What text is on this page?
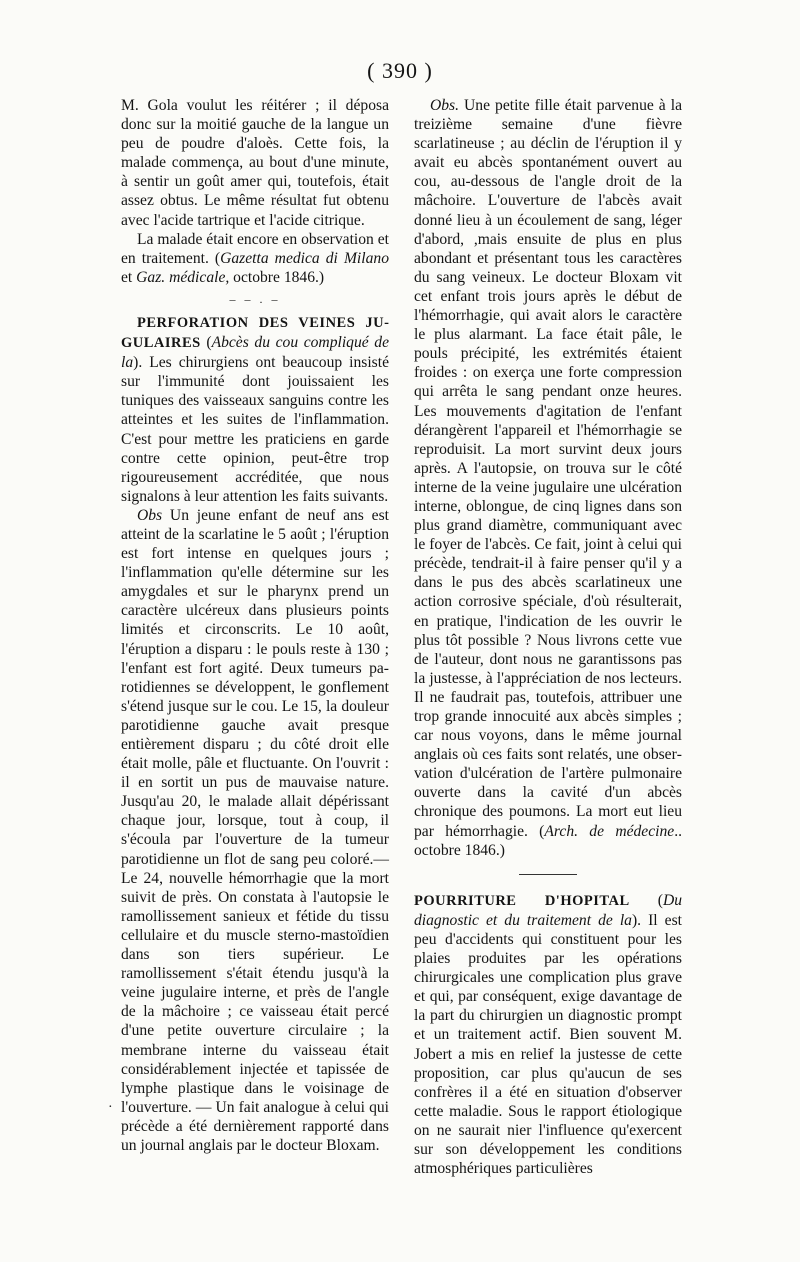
( 390 )

M. Gola voulut les réitérer ; il déposa donc sur la moitié gauche de la langue un peu de poudre d'aloès. Cette fois, la malade commença, au bout d'une minute, à sentir un goût amer qui, toutefois, était assez obtus. Le même résultat fut obtenu avec l'acide tartrique et l'acide citrique.

La malade était encore en observation et en traitement. (Gazetta medica di Milano et Gaz. médicale, octobre 1846.)

– – . –

PERFORATION DES VEINES JUGULAIRES (Abcès du cou compliqué de la). Les chirurgiens ont beaucoup insisté sur l'immunité dont jouissaient les tuniques des vaisseaux sanguins contre les atteintes et les suites de l'inflammation. C'est pour mettre les praticiens en garde contre cette opinion, peut-être trop rigoureusement accréditée, que nous signalons à leur attention les faits suivants.

Obs Un jeune enfant de neuf ans est atteint de la scarlatine le 5 août ; l'éruption est fort intense en quelques jours ; l'inflammation qu'elle détermine sur les amygdales et sur le pharynx prend un caractère ulcéreux dans plusieurs points limités et circonscrits. Le 10 août, l'éruption a disparu : le pouls reste à 130 ; l'enfant est fort agité. Deux tumeurs parotidiennes se développent, le gonflement s'étend jusque sur le cou. Le 15, la douleur parotidienne gauche avait presque entièrement disparu ; du côté droit elle était molle, pâle et fluctuante. On l'ouvrit : il en sortit un pus de mauvaise nature. Jusqu'au 20, le malade allait dépérissant chaque jour, lorsque, tout à coup, il s'écoula par l'ouverture de la tumeur parotidienne un flot de sang peu coloré.—Le 24, nouvelle hémorrhagie que la mort suivit de près. On constata à l'autopsie le ramollissement sanieux et fétide du tissu cellulaire et du muscle sterno-mastoïdien dans son tiers supérieur. Le ramollissement s'était étendu jusqu'à la veine jugulaire interne, et près de l'angle de la mâchoire ; ce vaisseau était percé d'une petite ouverture circulaire ; la membrane interne du vaisseau était considérablement injectée et tapissée de lymphe plastique dans le voisinage de l'ouverture. — Un fait analogue à celui qui précède a été dernièrement rapporté dans un journal anglais par le docteur Bloxam.

·

Obs. Une petite fille était parvenue à la treizième semaine d'une fièvre scarlatineuse ; au déclin de l'éruption il y avait eu abcès spontanément ouvert au cou, au-dessous de l'angle droit de la mâchoire. L'ouverture de l'abcès avait donné lieu à un écoulement de sang, léger d'abord, ,mais ensuite de plus en plus abondant et présentant tous les caractères du sang veineux. Le docteur Bloxam vit cet enfant trois jours après le début de l'hémorrhagie, qui avait alors le caractère le plus alarmant. La face était pâle, le pouls précipité, les extrémités étaient froides : on exerça une forte compression qui arrêta le sang pendant onze heures. Les mouvements d'agitation de l'enfant dérangèrent l'appareil et l'hémorrhagie se reproduisit. La mort survint deux jours après. A l'autopsie, on trouva sur le côté interne de la veine jugulaire une ulcération interne, oblongue, de cinq lignes dans son plus grand diamètre, communiquant avec le foyer de l'abcès. Ce fait, joint à celui qui précède, tendrait-il à faire penser qu'il y a dans le pus des abcès scarlatineux une action corrosive spéciale, d'où résulterait, en pratique, l'indication de les ouvrir le plus tôt possible ? Nous livrons cette vue de l'auteur, dont nous ne garantissons pas la justesse, à l'appréciation de nos lecteurs. Il ne faudrait pas, toutefois, attribuer une trop grande innocuité aux abcès simples ; car nous voyons, dans le même journal anglais où ces faits sont relatés, une observation d'ulcération de l'artère pulmonaire ouverte dans la cavité d'un abcès chronique des poumons. La mort eut lieu par hémorrhagie. (Arch. de médecine.. octobre 1846.)

POURRITURE D'HOPITAL (Du diagnostic et du traitement de la). Il est peu d'accidents qui constituent pour les plaies produites par les opérations chirurgicales une complication plus grave et qui, par conséquent, exige davantage de la part du chirurgien un diagnostic prompt et un traitement actif. Bien souvent M. Jobert a mis en relief la justesse de cette proposition, car plus qu'aucun de ses confrères il a été en situation d'observer cette maladie. Sous le rapport étiologique on ne saurait nier l'influence qu'exercent sur son développement les conditions atmosphériques particulières
